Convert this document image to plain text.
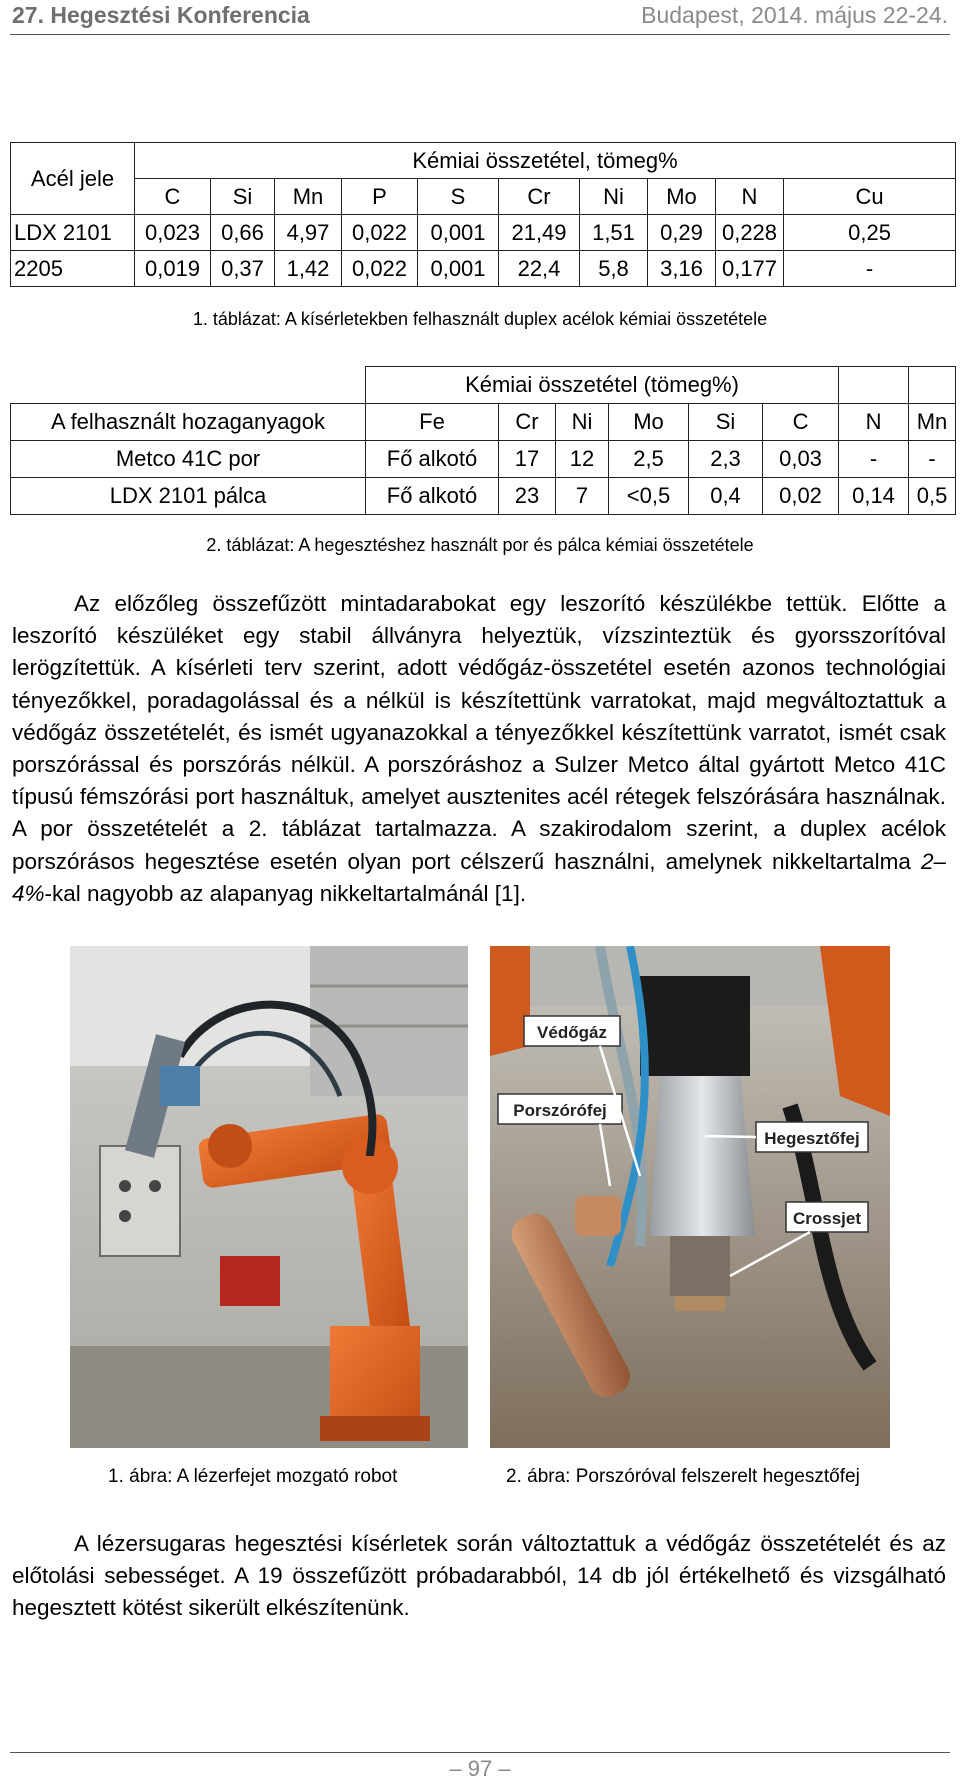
27. Hegesztési Konferencia	Budapest, 2014. május 22-24.
Acél jele	Kémiai összetétel, tömeg%									
	C	Si	Mn	P	S	Cr	Ni	Mo	N	Cu
LDX 2101	0,023	0,66	4,97	0,022	0,001	21,49	1,51	0,29	0,228	0,25
2205	0,019	0,37	1,42	0,022	0,001	22,4	5,8	3,16	0,177	-
1. táblázat: A kísérletekben felhasznált duplex acélok kémiai összetétele
	Kémiai összetétel (tömeg%)							
A felhasznált hozaganyagok	Fe	Cr	Ni	Mo	Si	C	N	Mn
Metco 41C por	Fő alkotó	17	12	2,5	2,3	0,03	-	-
LDX 2101 pálca	Fő alkotó	23	7	<0,5	0,4	0,02	0,14	0,5
2. táblázat: A hegesztéshez használt por és pálca kémiai összetétele

Az előzőleg összefűzött mintadarabokat egy leszorító készülékbe tettük. Előtte a leszorító készüléket egy stabil állványra helyeztük, vízszinteztük és gyorsszorítóval lerögzítettük. A kísérleti terv szerint, adott védőgáz-összetétel esetén azonos technológiai tényezőkkel, poradagolással és a nélkül is készítettünk varratokat, majd megváltoztattuk a védőgáz összetételét, és ismét ugyanazokkal a tényezőkkel készítettünk varratot, ismét csak porszórással és porszórás nélkül. A porszóráshoz a Sulzer Metco által gyártott Metco 41C típusú fémszórási port használtuk, amelyet ausztenites acél rétegek felszórására használnak. A por összetételét a 2. táblázat tartalmazza. A szakirodalom szerint, a duplex acélok porszórásos hegesztése esetén olyan port célszerű használni, amelynek nikkeltartalma 2–4%-kal nagyobb az alapanyag nikkeltartalmánál [1].

1. ábra: A lézerfejet mozgató robot
Védőgáz
Porszórófej
Hegesztőfej
Crossjet
2. ábra: Porszóróval felszerelt hegesztőfej

A lézersugaras hegesztési kísérletek során változtattuk a védőgáz összetételét és az előtolási sebességet. A 19 összefűzött próbadarabból, 14 db jól értékelhető és vizsgálható hegesztett kötést sikerült elkészítenünk.

– 97 –
